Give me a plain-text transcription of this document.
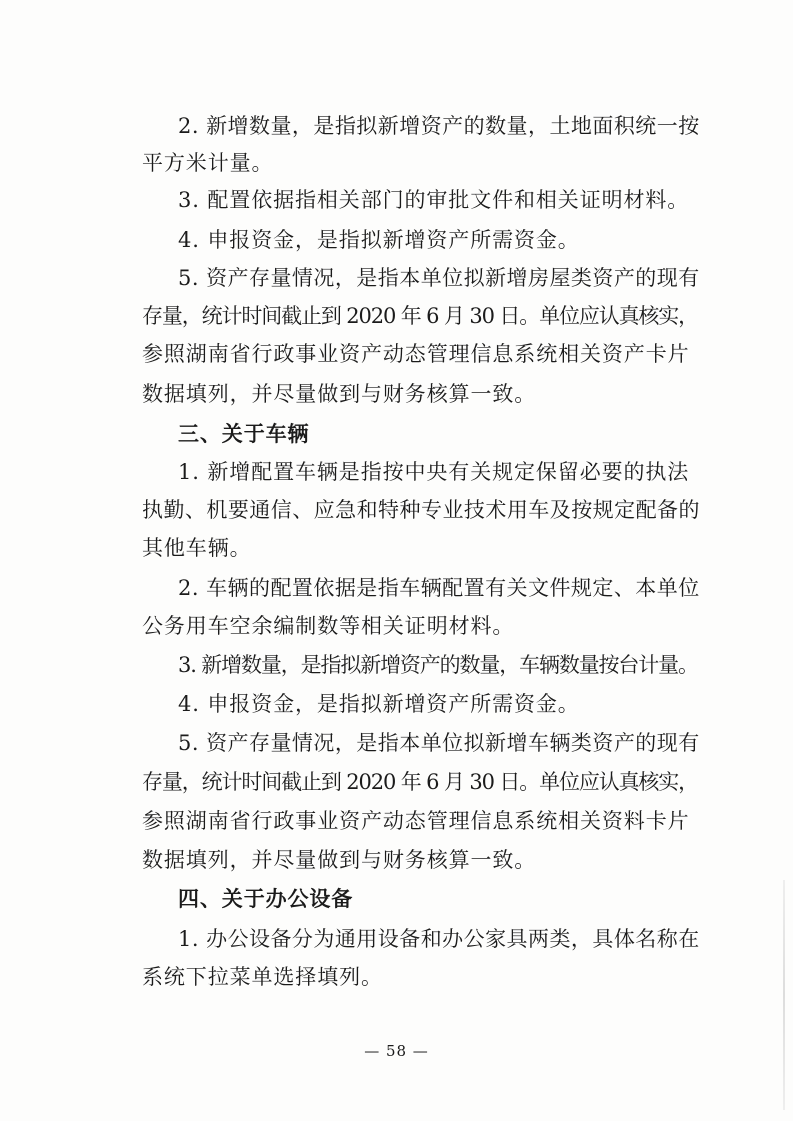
2. 新增数量，是指拟新增资产的数量，土地面积统一按
平方米计量。
3. 配置依据指相关部门的审批文件和相关证明材料。
4. 申报资金，是指拟新增资产所需资金。
5. 资产存量情况，是指本单位拟新增房屋类资产的现有
存量，统计时间截止到 2020 年 6 月 30 日。单位应认真核实，
参照湖南省行政事业资产动态管理信息系统相关资产卡片
数据填列，并尽量做到与财务核算一致。
三、关于车辆
1. 新增配置车辆是指按中央有关规定保留必要的执法
执勤、机要通信、应急和特种专业技术用车及按规定配备的
其他车辆。
2. 车辆的配置依据是指车辆配置有关文件规定、本单位
公务用车空余编制数等相关证明材料。
3. 新增数量，是指拟新增资产的数量，车辆数量按台计量。
4. 申报资金，是指拟新增资产所需资金。
5. 资产存量情况，是指本单位拟新增车辆类资产的现有
存量，统计时间截止到 2020 年 6 月 30 日。单位应认真核实，
参照湖南省行政事业资产动态管理信息系统相关资料卡片
数据填列，并尽量做到与财务核算一致。
四、关于办公设备
1. 办公设备分为通用设备和办公家具两类，具体名称在
系统下拉菜单选择填列。
— 58 —
